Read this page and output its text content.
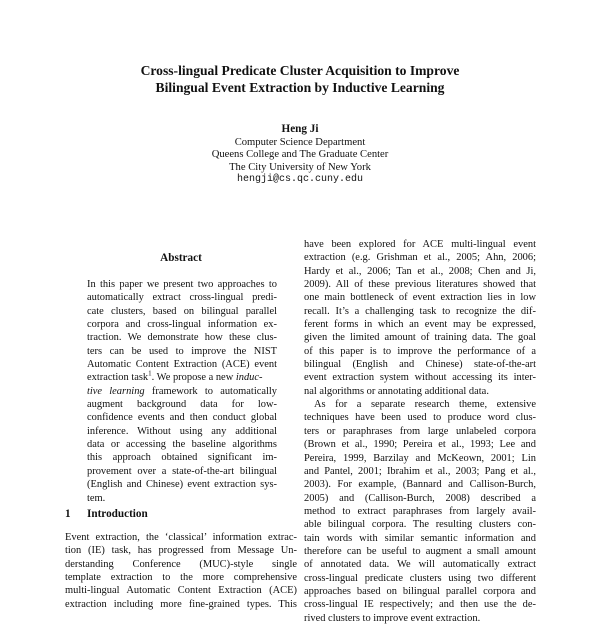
Cross-lingual Predicate Cluster Acquisition to Improve
Bilingual Event Extraction by Inductive Learning
Heng Ji
Computer Science Department
Queens College and The Graduate Center
The City University of New York
hengji@cs.qc.cuny.edu
Abstract
In this paper we present two approaches to
automatically extract cross-lingual predi-
cate clusters, based on bilingual parallel
corpora and cross-lingual information ex-
traction. We demonstrate how these clus-
ters can be used to improve the NIST
Automatic Content Extraction (ACE) event
extraction task$^1$. We propose a new induc-
tive learning framework to automatically
augment background data for low-
confidence events and then conduct global
inference. Without using any additional
data or accessing the baseline algorithms
this approach obtained significant im-
provement over a state-of-the-art bilingual
(English and Chinese) event extraction sys-
tem.
1 Introduction
Event extraction, the ‘classical’ information extrac-
tion (IE) task, has progressed from Message Un-
derstanding Conference (MUC)-style single
template extraction to the more comprehensive
multi-lingual Automatic Content Extraction (ACE)
extraction including more fine-grained types. This
have been explored for ACE multi-lingual event
extraction (e.g. Grishman et al., 2005; Ahn, 2006;
Hardy et al., 2006; Tan et al., 2008; Chen and Ji,
2009). All of these previous literatures showed that
one main bottleneck of event extraction lies in low
recall. It’s a challenging task to recognize the dif-
ferent forms in which an event may be expressed,
given the limited amount of training data. The goal
of this paper is to improve the performance of a
bilingual (English and Chinese) state-of-the-art
event extraction system without accessing its inter-
nal algorithms or annotating additional data.
As for a separate research theme, extensive
techniques have been used to produce word clus-
ters or paraphrases from large unlabeled corpora
(Brown et al., 1990; Pereira et al., 1993; Lee and
Pereira, 1999, Barzilay and McKeown, 2001; Lin
and Pantel, 2001; Ibrahim et al., 2003; Pang et al.,
2003). For example, (Bannard and Callison-Burch,
2005) and (Callison-Burch, 2008) described a
method to extract paraphrases from largely avail-
able bilingual corpora. The resulting clusters con-
tain words with similar semantic information and
therefore can be useful to augment a small amount
of annotated data. We will automatically extract
cross-lingual predicate clusters using two different
approaches based on bilingual parallel corpora and
cross-lingual IE respectively; and then use the de-
rived clusters to improve event extraction.
